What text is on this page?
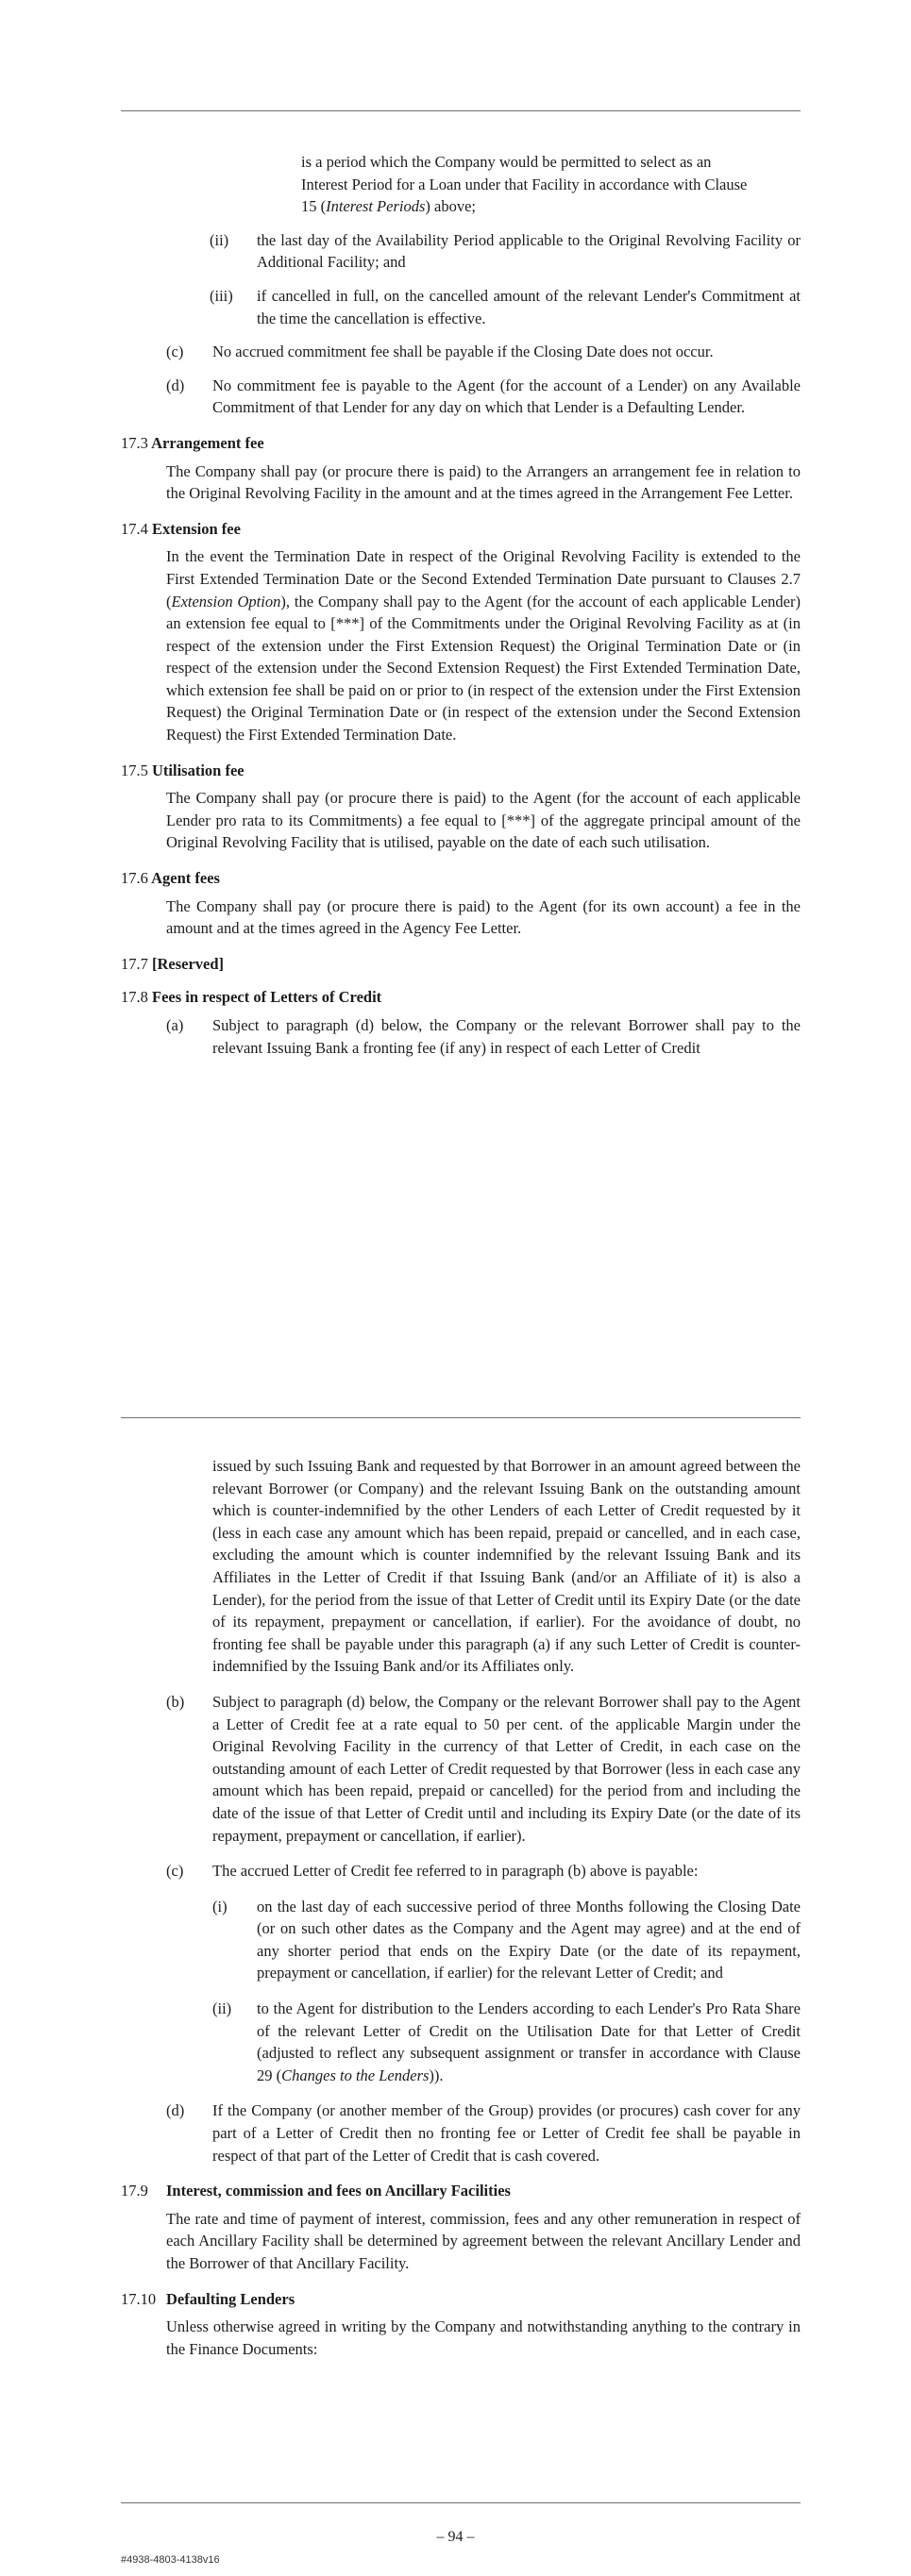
is a period which the Company would be permitted to select as an
Interest Period for a Loan under that Facility in accordance with Clause
15 (Interest Periods) above;

(ii) the last day of the Availability Period applicable to the Original Revolving Facility or Additional Facility; and

(iii) if cancelled in full, on the cancelled amount of the relevant Lender's Commitment at the time the cancellation is effective.

(c) No accrued commitment fee shall be payable if the Closing Date does not occur.

(d) No commitment fee is payable to the Agent (for the account of a Lender) on any Available Commitment of that Lender for any day on which that Lender is a Defaulting Lender.

17.3 Arrangement fee

The Company shall pay (or procure there is paid) to the Arrangers an arrangement fee in relation to the Original Revolving Facility in the amount and at the times agreed in the Arrangement Fee Letter.

17.4 Extension fee

In the event the Termination Date in respect of the Original Revolving Facility is extended to the First Extended Termination Date or the Second Extended Termination Date pursuant to Clauses 2.7 (Extension Option), the Company shall pay to the Agent (for the account of each applicable Lender) an extension fee equal to [***] of the Commitments under the Original Revolving Facility as at (in respect of the extension under the First Extension Request) the Original Termination Date or (in respect of the extension under the Second Extension Request) the First Extended Termination Date, which extension fee shall be paid on or prior to (in respect of the extension under the First Extension Request) the Original Termination Date or (in respect of the extension under the Second Extension Request) the First Extended Termination Date.

17.5 Utilisation fee

The Company shall pay (or procure there is paid) to the Agent (for the account of each applicable Lender pro rata to its Commitments) a fee equal to [***] of the aggregate principal amount of the Original Revolving Facility that is utilised, payable on the date of each such utilisation.

17.6 Agent fees

The Company shall pay (or procure there is paid) to the Agent (for its own account) a fee in the amount and at the times agreed in the Agency Fee Letter.

17.7 [Reserved]
17.8 Fees in respect of Letters of Credit
(a) Subject to paragraph (d) below, the Company or the relevant Borrower shall pay to the relevant Issuing Bank a fronting fee (if any) in respect of each Letter of Credit

issued by such Issuing Bank and requested by that Borrower in an amount agreed between the relevant Borrower (or Company) and the relevant Issuing Bank on the outstanding amount which is counter-indemnified by the other Lenders of each Letter of Credit requested by it (less in each case any amount which has been repaid, prepaid or cancelled, and in each case, excluding the amount which is counter indemnified by the relevant Issuing Bank and its Affiliates in the Letter of Credit if that Issuing Bank (and/or an Affiliate of it) is also a Lender), for the period from the issue of that Letter of Credit until its Expiry Date (or the date of its repayment, prepayment or cancellation, if earlier). For the avoidance of doubt, no fronting fee shall be payable under this paragraph (a) if any such Letter of Credit is counter-indemnified by the Issuing Bank and/or its Affiliates only.

(b) Subject to paragraph (d) below, the Company or the relevant Borrower shall pay to the Agent a Letter of Credit fee at a rate equal to 50 per cent. of the applicable Margin under the Original Revolving Facility in the currency of that Letter of Credit, in each case on the outstanding amount of each Letter of Credit requested by that Borrower (less in each case any amount which has been repaid, prepaid or cancelled) for the period from and including the date of the issue of that Letter of Credit until and including its Expiry Date (or the date of its repayment, prepayment or cancellation, if earlier).

(c) The accrued Letter of Credit fee referred to in paragraph (b) above is payable:

(i) on the last day of each successive period of three Months following the Closing Date (or on such other dates as the Company and the Agent may agree) and at the end of any shorter period that ends on the Expiry Date (or the date of its repayment, prepayment or cancellation, if earlier) for the relevant Letter of Credit; and

(ii) to the Agent for distribution to the Lenders according to each Lender's Pro Rata Share of the relevant Letter of Credit on the Utilisation Date for that Letter of Credit (adjusted to reflect any subsequent assignment or transfer in accordance with Clause 29 (Changes to the Lenders)).

(d) If the Company (or another member of the Group) provides (or procures) cash cover for any part of a Letter of Credit then no fronting fee or Letter of Credit fee shall be payable in respect of that part of the Letter of Credit that is cash covered.

17.9 Interest, commission and fees on Ancillary Facilities

The rate and time of payment of interest, commission, fees and any other remuneration in respect of each Ancillary Facility shall be determined by agreement between the relevant Ancillary Lender and the Borrower of that Ancillary Facility.

17.10 Defaulting Lenders

Unless otherwise agreed in writing by the Company and notwithstanding anything to the contrary in the Finance Documents:

– 94 –
#4938-4803-4138v16
